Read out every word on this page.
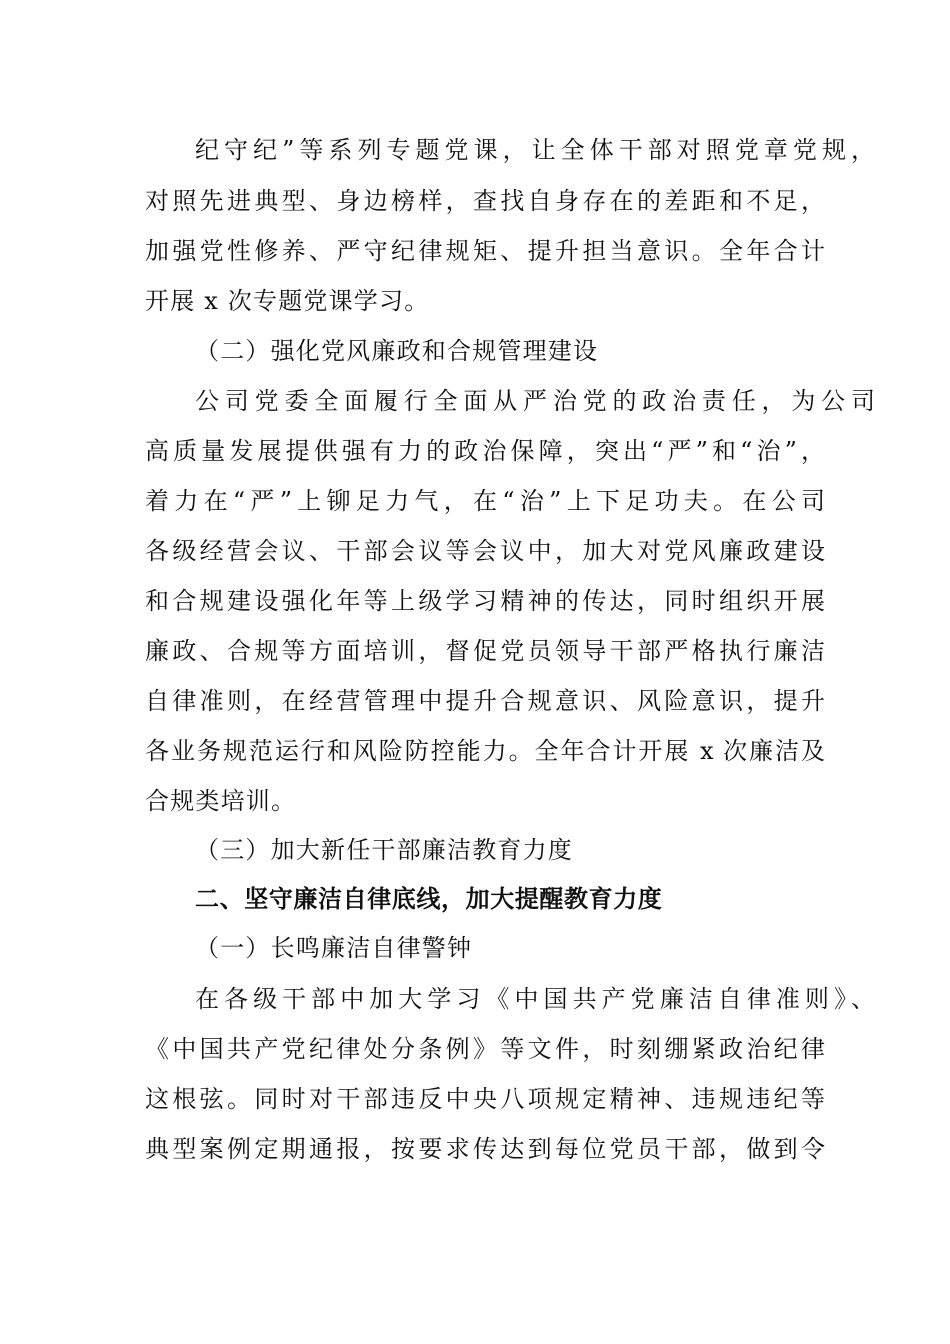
纪守纪”等系列专题党课，让全体干部对照党章党规，
对照先进典型、身边榜样，查找自身存在的差距和不足，
加强党性修养、严守纪律规矩、提升担当意识。全年合计
开展 x 次专题党课学习。
（二）强化党风廉政和合规管理建设
公司党委全面履行全面从严治党的政治责任，为公司
高质量发展提供强有力的政治保障，突出“严”和“治”，
着力在“严”上铆足力气，在“治”上下足功夫。在公司
各级经营会议、干部会议等会议中，加大对党风廉政建设
和合规建设强化年等上级学习精神的传达，同时组织开展
廉政、合规等方面培训，督促党员领导干部严格执行廉洁
自律准则，在经营管理中提升合规意识、风险意识，提升
各业务规范运行和风险防控能力。全年合计开展 x 次廉洁及
合规类培训。
（三）加大新任干部廉洁教育力度
二、坚守廉洁自律底线，加大提醒教育力度
（一）长鸣廉洁自律警钟
在各级干部中加大学习《中国共产党廉洁自律准则》、
《中国共产党纪律处分条例》等文件，时刻绷紧政治纪律
这根弦。同时对干部违反中央八项规定精神、违规违纪等
典型案例定期通报，按要求传达到每位党员干部，做到令
